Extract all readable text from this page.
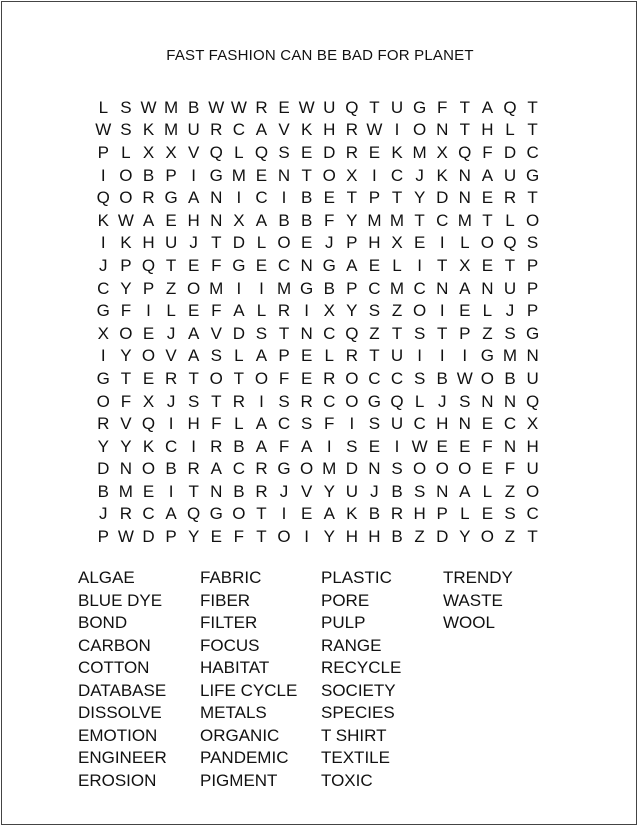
FAST FASHION CAN BE BAD FOR PLANET
L S W M B W W R E W U Q T U G F T A Q T
W S K M U R C A V K H R W I O N T H L T
P L X X V Q L Q S E D R E K M X Q F D C
I O B P I G M E N T O X I C J K N A U G
Q O R G A N I C I B E T P T Y D N E R T
K W A E H N X A B B F Y M M T C M T L O
I K H U J T D L O E J P H X E I L O Q S
J P Q T E F G E C N G A E L I T X E T P
C Y P Z O M I	I M G B P C M C N A N U P
G F I L E F A L R I X Y S Z O I E L J P
X O E J A V D S T N C Q Z T S T P Z S G
I Y O V A S L A P E L R T U I	I	I G M N
G T E R T O T O F E R O C C S B W O B U
O F X J S T R I S R C O G Q L J S N N Q
R V Q I H F L A C S F I S U C H N E C X
Y Y K C I R B A F A I S E I W E E F N H
D N O B R A C R G O M D N S O O O E F U
B M E I T N B R J V Y U J B S N A L Z O
J R C A Q G O T I E A K B R H P L E S C
P W D P Y E F T O I Y H H B Z D Y O Z T
ALGAE
BLUE DYE
BOND
CARBON
COTTON
DATABASE
DISSOLVE
EMOTION
ENGINEER
EROSION
FABRIC
FIBER
FILTER
FOCUS
HABITAT
LIFE CYCLE
METALS
ORGANIC
PANDEMIC
PIGMENT
PLASTIC
PORE
PULP
RANGE
RECYCLE
SOCIETY
SPECIES
T SHIRT
TEXTILE
TOXIC
TRENDY
WASTE
WOOL
